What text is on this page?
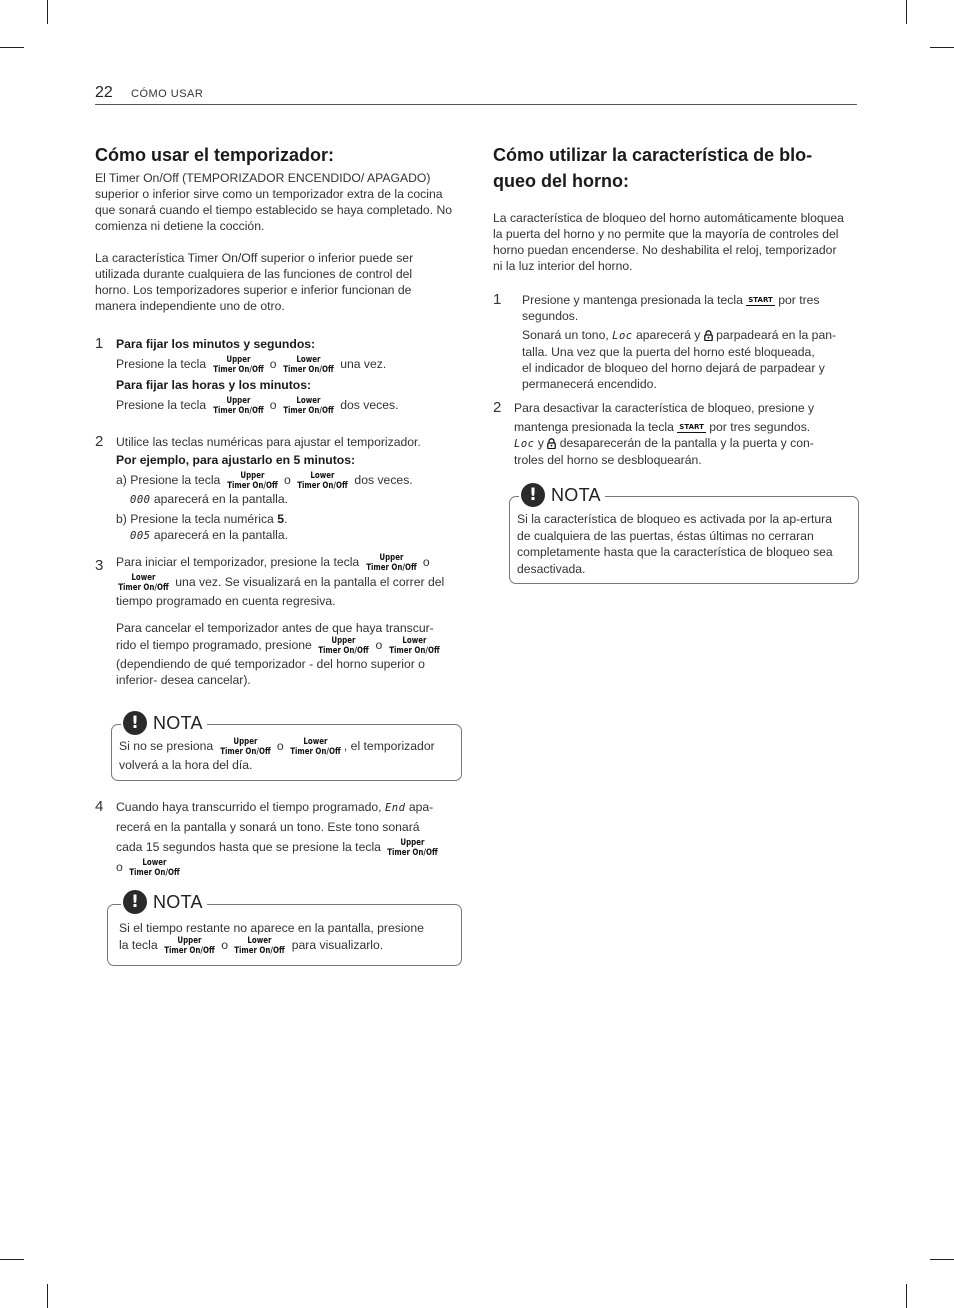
22 CÓMO USAR
Cómo usar el temporizador:

El Timer On/Off (TEMPORIZADOR ENCENDIDO/ APAGADO) superior o inferior sirve como un temporizador extra de la cocina que sonará cuando el tiempo establecido se haya completado. No comienza ni detiene la cocción.

La característica Timer On/Off superior o inferior puede ser utilizada durante cualquiera de las funciones de control del horno. Los temporizadores superior e inferior funcionan de manera independiente uno de otro.

1 Para fijar los minutos y segundos:

Presione la tecla	Upper
Timer On/Off o	Lower
Timer On/Off una vez.

Para fijar las horas y los minutos:

Presione la tecla	Upper
Timer On/Off o	Lower
Timer On/Off dos veces.

2 Utilice las teclas numéricas para ajustar el temporizador.

Por ejemplo, para ajustarlo en 5 minutos:

a) Presione la tecla	Upper
Timer On/Off o	Lower
Timer On/Off dos veces.

000 aparecerá en la pantalla.

b) Presione la tecla numérica 5.

005 aparecerá en la pantalla.

3 Para iniciar el temporizador, presione la tecla	Upper
Timer On/Off o

Lower
Timer On/Off una vez. Se visualizará en la pantalla el correr del tiempo programado en cuenta regresiva.

Para cancelar el temporizador antes de que haya transcur-

rido el tiempo programado, presione	Upper
Timer On/Off o	Lower
Timer On/Off

(dependiendo de qué temporizador - del horno superior o inferior- desea cancelar).

! NOTA
Si no se presiona	Upper
Timer On/Off o	Lower
Timer On/Off , el temporizador volverá a la hora del día.
4 Cuando haya transcurrido el tiempo programado, End apa-

recerá en la pantalla y sonará un tono. Este tono sonará

cada 15 segundos hasta que se presione la tecla	Upper
Timer On/Off

o	Lower
Timer On/Off

! NOTA

Si el tiempo restante no aparece en la pantalla, presione

la tecla	Upper
Timer On/Off o	Lower
Timer On/Off para visualizarlo.

Cómo utilizar la característica de blo-
queo del horno:

La característica de bloqueo del horno automáticamente bloquea la puerta del horno y no permite que la mayoría de controles del horno puedan encenderse. No deshabilita el reloj, temporizador ni la luz interior del horno.

1 Presione y mantenga presionada la tecla START por tres

segundos.

Sonará un tono, Loc aparecerá y parpadeará en la pan-

talla. Una vez que la puerta del horno esté bloqueada,

el indicador de bloqueo del horno dejará de parpadear y

permanecerá encendido.

2 Para desactivar la característica de bloqueo, presione y

mantenga presionada la tecla START por tres segundos.

Loc y desaparecerán de la pantalla y la puerta y con-

troles del horno se desbloquearán.

! NOTA
Si la característica de bloqueo es activada por la ap-ertura de cualquiera de las puertas, éstas últimas no cerraran completamente hasta que la característica de bloqueo sea desactivada.
